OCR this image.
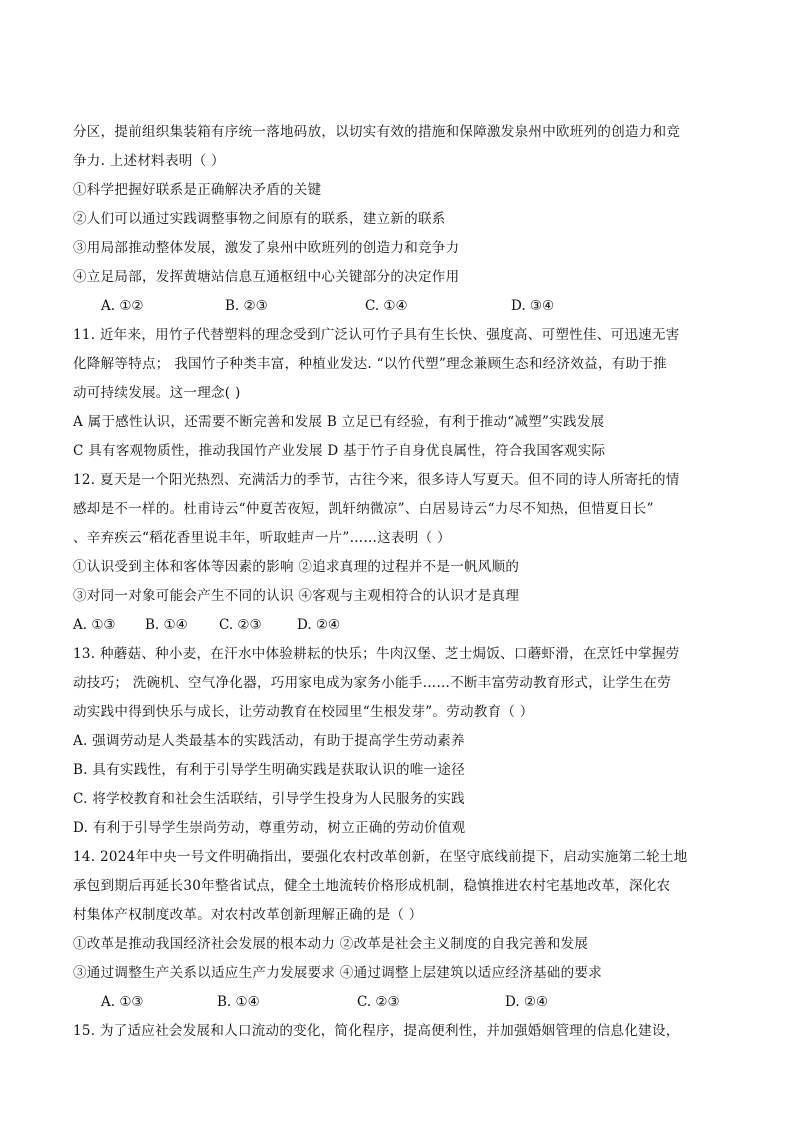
分区，提前组织集装箱有序统一落地码放，以切实有效的措施和保障激发泉州中欧班列的创造力和竞
争力. 上述材料表明（ ）
①科学把握好联系是正确解决矛盾的关键
②人们可以通过实践调整事物之间原有的联系，建立新的联系
③用局部推动整体发展，激发了泉州中欧班列的创造力和竞争力
④立足局部，发挥黄塘站信息互通枢纽中心关键部分的决定作用

A. ①②

	B. ②③

	C. ①④

	D. ③④

11. 近年来，用竹子代替塑料的理念受到广泛认可竹子具有生长快、强度高、可塑性佳、可迅速无害
化降解等特点； 我国竹子种类丰富，种植业发达. “以竹代塑”理念兼顾生态和经济效益，有助于推
动可持续发展。这一理念( )
A 属于感性认识，还需要不断完善和发展 B 立足已有经验，有利于推动“减塑”实践发展
C 具有客观物质性，推动我国竹产业发展 D 基于竹子自身优良属性，符合我国客观实际
12. 夏天是一个阳光热烈、充满活力的季节，古往今来，很多诗人写夏天。但不同的诗人所寄托的情
感却是不一样的。杜甫诗云“仲夏苦夜短，凯轩纳微凉”、白居易诗云“力尽不知热，但惜夏日长”
、辛弃疾云“稻花香里说丰年，听取蛙声一片”……这表明（ ）
①认识受到主体和客体等因素的影响 ②追求真理的过程并不是一帆风顺的
③对同一对象可能会产生不同的认识 ④客观与主观相符合的认识才是真理

A. ①③

B. ①④

C. ②③

	D. ②④

13. 种蘑菇、种小麦，在汗水中体验耕耘的快乐；牛肉汉堡、芝士焗饭、口蘑虾滑，在烹饪中掌握劳
动技巧； 洗碗机、空气净化器，巧用家电成为家务小能手……不断丰富劳动教育形式，让学生在劳
动实践中得到快乐与成长，让劳动教育在校园里“生根发芽”。劳动教育（ ）
A. 强调劳动是人类最基本的实践活动，有助于提高学生劳动素养
B. 具有实践性，有利于引导学生明确实践是获取认识的唯一途径
C. 将学校教育和社会生活联结，引导学生投身为人民服务的实践
D. 有利于引导学生崇尚劳动，尊重劳动，树立正确的劳动价值观
14. 2024年中央一号文件明确指出，要强化农村改革创新，在坚守底线前提下，启动实施第二轮土地
承包到期后再延长30年整省试点，健全土地流转价格形成机制，稳慎推进农村宅基地改革，深化农
村集体产权制度改革。对农村改革创新理解正确的是（ ）
①改革是推动我国经济社会发展的根本动力 ②改革是社会主义制度的自我完善和发展
③通过调整生产关系以适应生产力发展要求 ④通过调整上层建筑以适应经济基础的要求

A. ①③

	B. ①④

	C. ②③

	D. ②④

15. 为了适应社会发展和人口流动的变化，简化程序，提高便利性，并加强婚姻管理的信息化建设，
